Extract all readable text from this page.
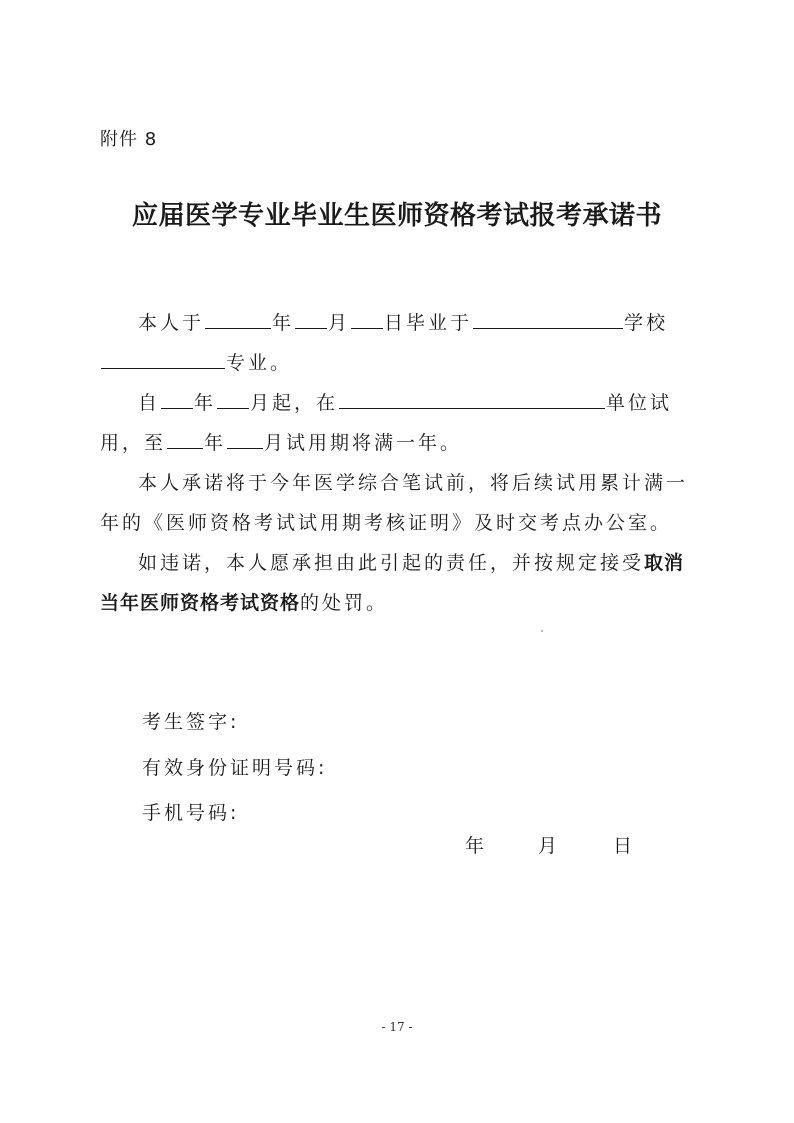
附件 8
应届医学专业毕业生医师资格考试报考承诺书
本人于	年 月 日毕业于	学校
专业。
自 年 月起，在	单位试
用，至 年 月试用期将满一年。
本人承诺将于今年医学综合笔试前，将后续试用累计满一
年的《医师资格考试试用期考核证明》及时交考点办公室。
如违诺，本人愿承担由此引起的责任，并按规定接受取消
当年医师资格考试资格的处罚。
考生签字:
有效身份证明号码:
手机号码:
年	月	日
- 17 -
